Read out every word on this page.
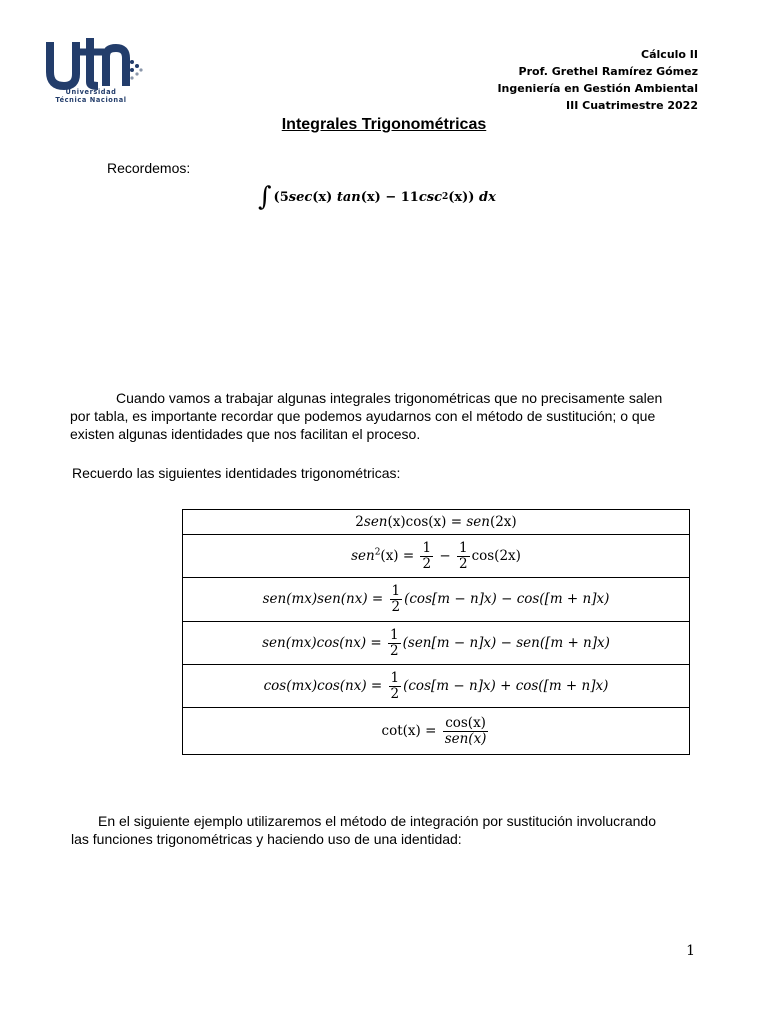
Universidad
Técnica Nacional
Cálculo II
Prof. Grethel Ramírez Gómez
Ingeniería en Gestión Ambiental
III Cuatrimestre 2022
Integrales Trigonométricas
Recordemos:
∫ ( 5 sec (x) tan (x) − 11 csc 2 (x)) dx
Cuando vamos a trabajar algunas integrales trigonométricas que no precisamente salen
por tabla, es importante recordar que podemos ayudarnos con el método de sustitución; o que
existen algunas identidades que nos facilitan el proceso.
Recuerdo las siguientes identidades trigonométricas:
2sen(x)cos(x) = sen(2x)
$sen^2(x) = \frac{1}{2} - \frac{1}{2} \cos(2x)$
$sen(mx)sen(nx) = \frac{1}{2} (\cos[m - n]x) - \cos([m + n]x)$
$sen(mx)\cos(nx) = \frac{1}{2} (sen[m - n]x) - sen([m + n]x)$
$\cos(mx)\cos(nx) = \frac{1}{2} (\cos[m - n]x) + \cos([m + n]x)$
$\cot(x) = \frac{\cos(x)}{\text{sen(x)}}$
En el siguiente ejemplo utilizaremos el método de integración por sustitución involucrando
las funciones trigonométricas y haciendo uso de una identidad:
1
